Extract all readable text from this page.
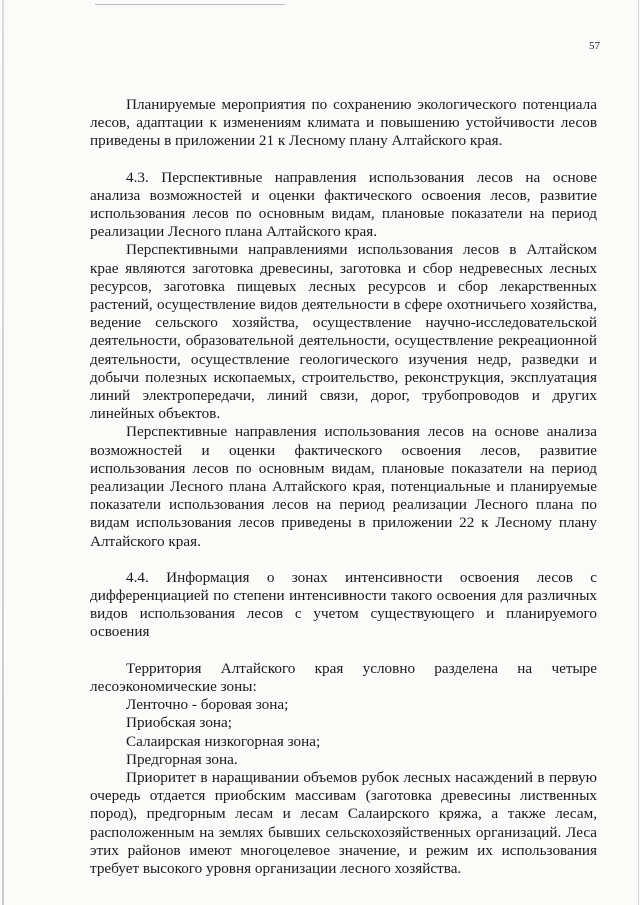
57

Планируемые мероприятия по сохранению экологического потенциала лесов, адаптации к изменениям климата и повышению устойчивости лесов приведены в приложении 21 к Лесному плану Алтайского края.

4.3. Перспективные направления использования лесов на основе анализа возможностей и оценки фактического освоения лесов, развитие использования лесов по основным видам, плановые показатели на период реализации Лесного плана Алтайского края.

Перспективными направлениями использования лесов в Алтайском крае являются заготовка древесины, заготовка и сбор недревесных лесных ресурсов, заготовка пищевых лесных ресурсов и сбор лекарственных растений, осуществление видов деятельности в сфере охотничьего хозяйства, ведение сельского хозяйства, осуществление научно-исследовательской деятельности, образовательной деятельности, осуществление рекреационной деятельности, осуществление геологического изучения недр, разведки и добычи полезных ископаемых, строительство, реконструкция, эксплуатация линий электропередачи, линий связи, дорог, трубопроводов и других линейных объектов.

Перспективные направления использования лесов на основе анализа возможностей и оценки фактического освоения лесов, развитие использования лесов по основным видам, плановые показатели на период реализации Лесного плана Алтайского края, потенциальные и планируемые показатели использования лесов на период реализации Лесного плана по видам использования лесов приведены в приложении 22 к Лесному плану Алтайского края.

4.4. Информация о зонах интенсивности освоения лесов с дифференциацией по степени интенсивности такого освоения для различных видов использования лесов с учетом существующего и планируемого освоения

Территория Алтайского края условно разделена на четыре лесоэкономические зоны:

Ленточно - боровая зона;

Приобская зона;

Салаирская низкогорная зона;

Предгорная зона.

Приоритет в наращивании объемов рубок лесных насаждений в первую очередь отдается приобским массивам (заготовка древесины лиственных пород), предгорным лесам и лесам Салаирского кряжа, а также лесам, расположенным на землях бывших сельскохозяйственных организаций. Леса этих районов имеют многоцелевое значение, и режим их использования требует высокого уровня организации лесного хозяйства.
